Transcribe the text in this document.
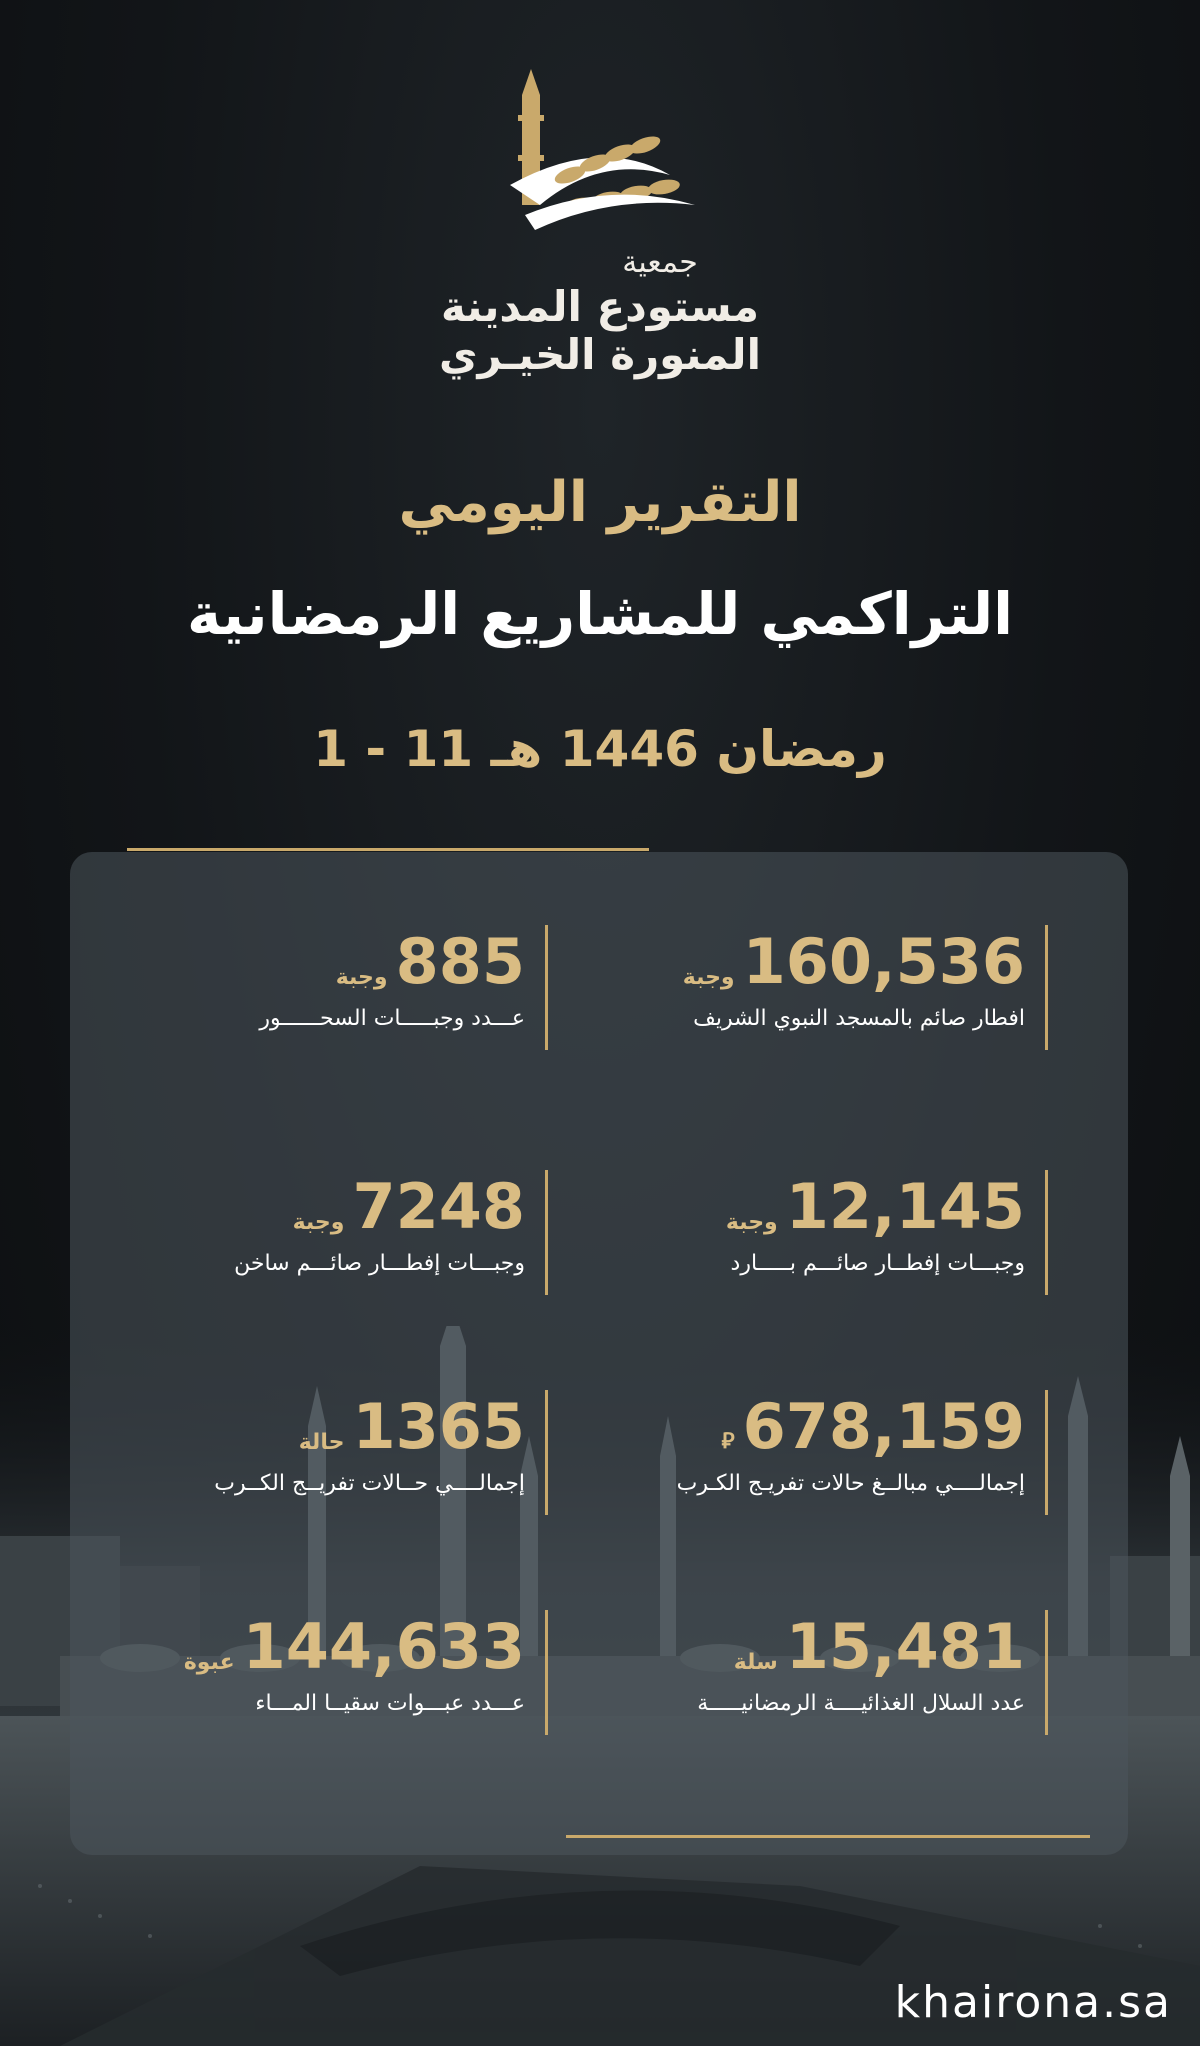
جمعية
مستودع المدينة
المنورة الخيـري
التقرير اليومي
التراكمي للمشاريع الرمضانية
1 - 11 رمضان 1446 هـ
160,536وجبة
افطار صائم بالمسجد النبوي الشريف
885وجبة
عـــدد وجبـــــات السحــــــور
12,145وجبة
وجبـــات إفطــار صائـــم بـــــارد
7248وجبة
وجبـــات إفطـــار صائـــم ساخن
678,159⃁
إجمالــــي مبالــغ حالات تفريـج الكـرب
1365حالة
إجمالــــي حــالات تفريــج الكــرب
15,481سلة
عدد السلال الغذائيــــة الرمضانيـــــة
144,633عبوة
عـــدد عبـــوات سقيــا المـــاء
khairona.sa
